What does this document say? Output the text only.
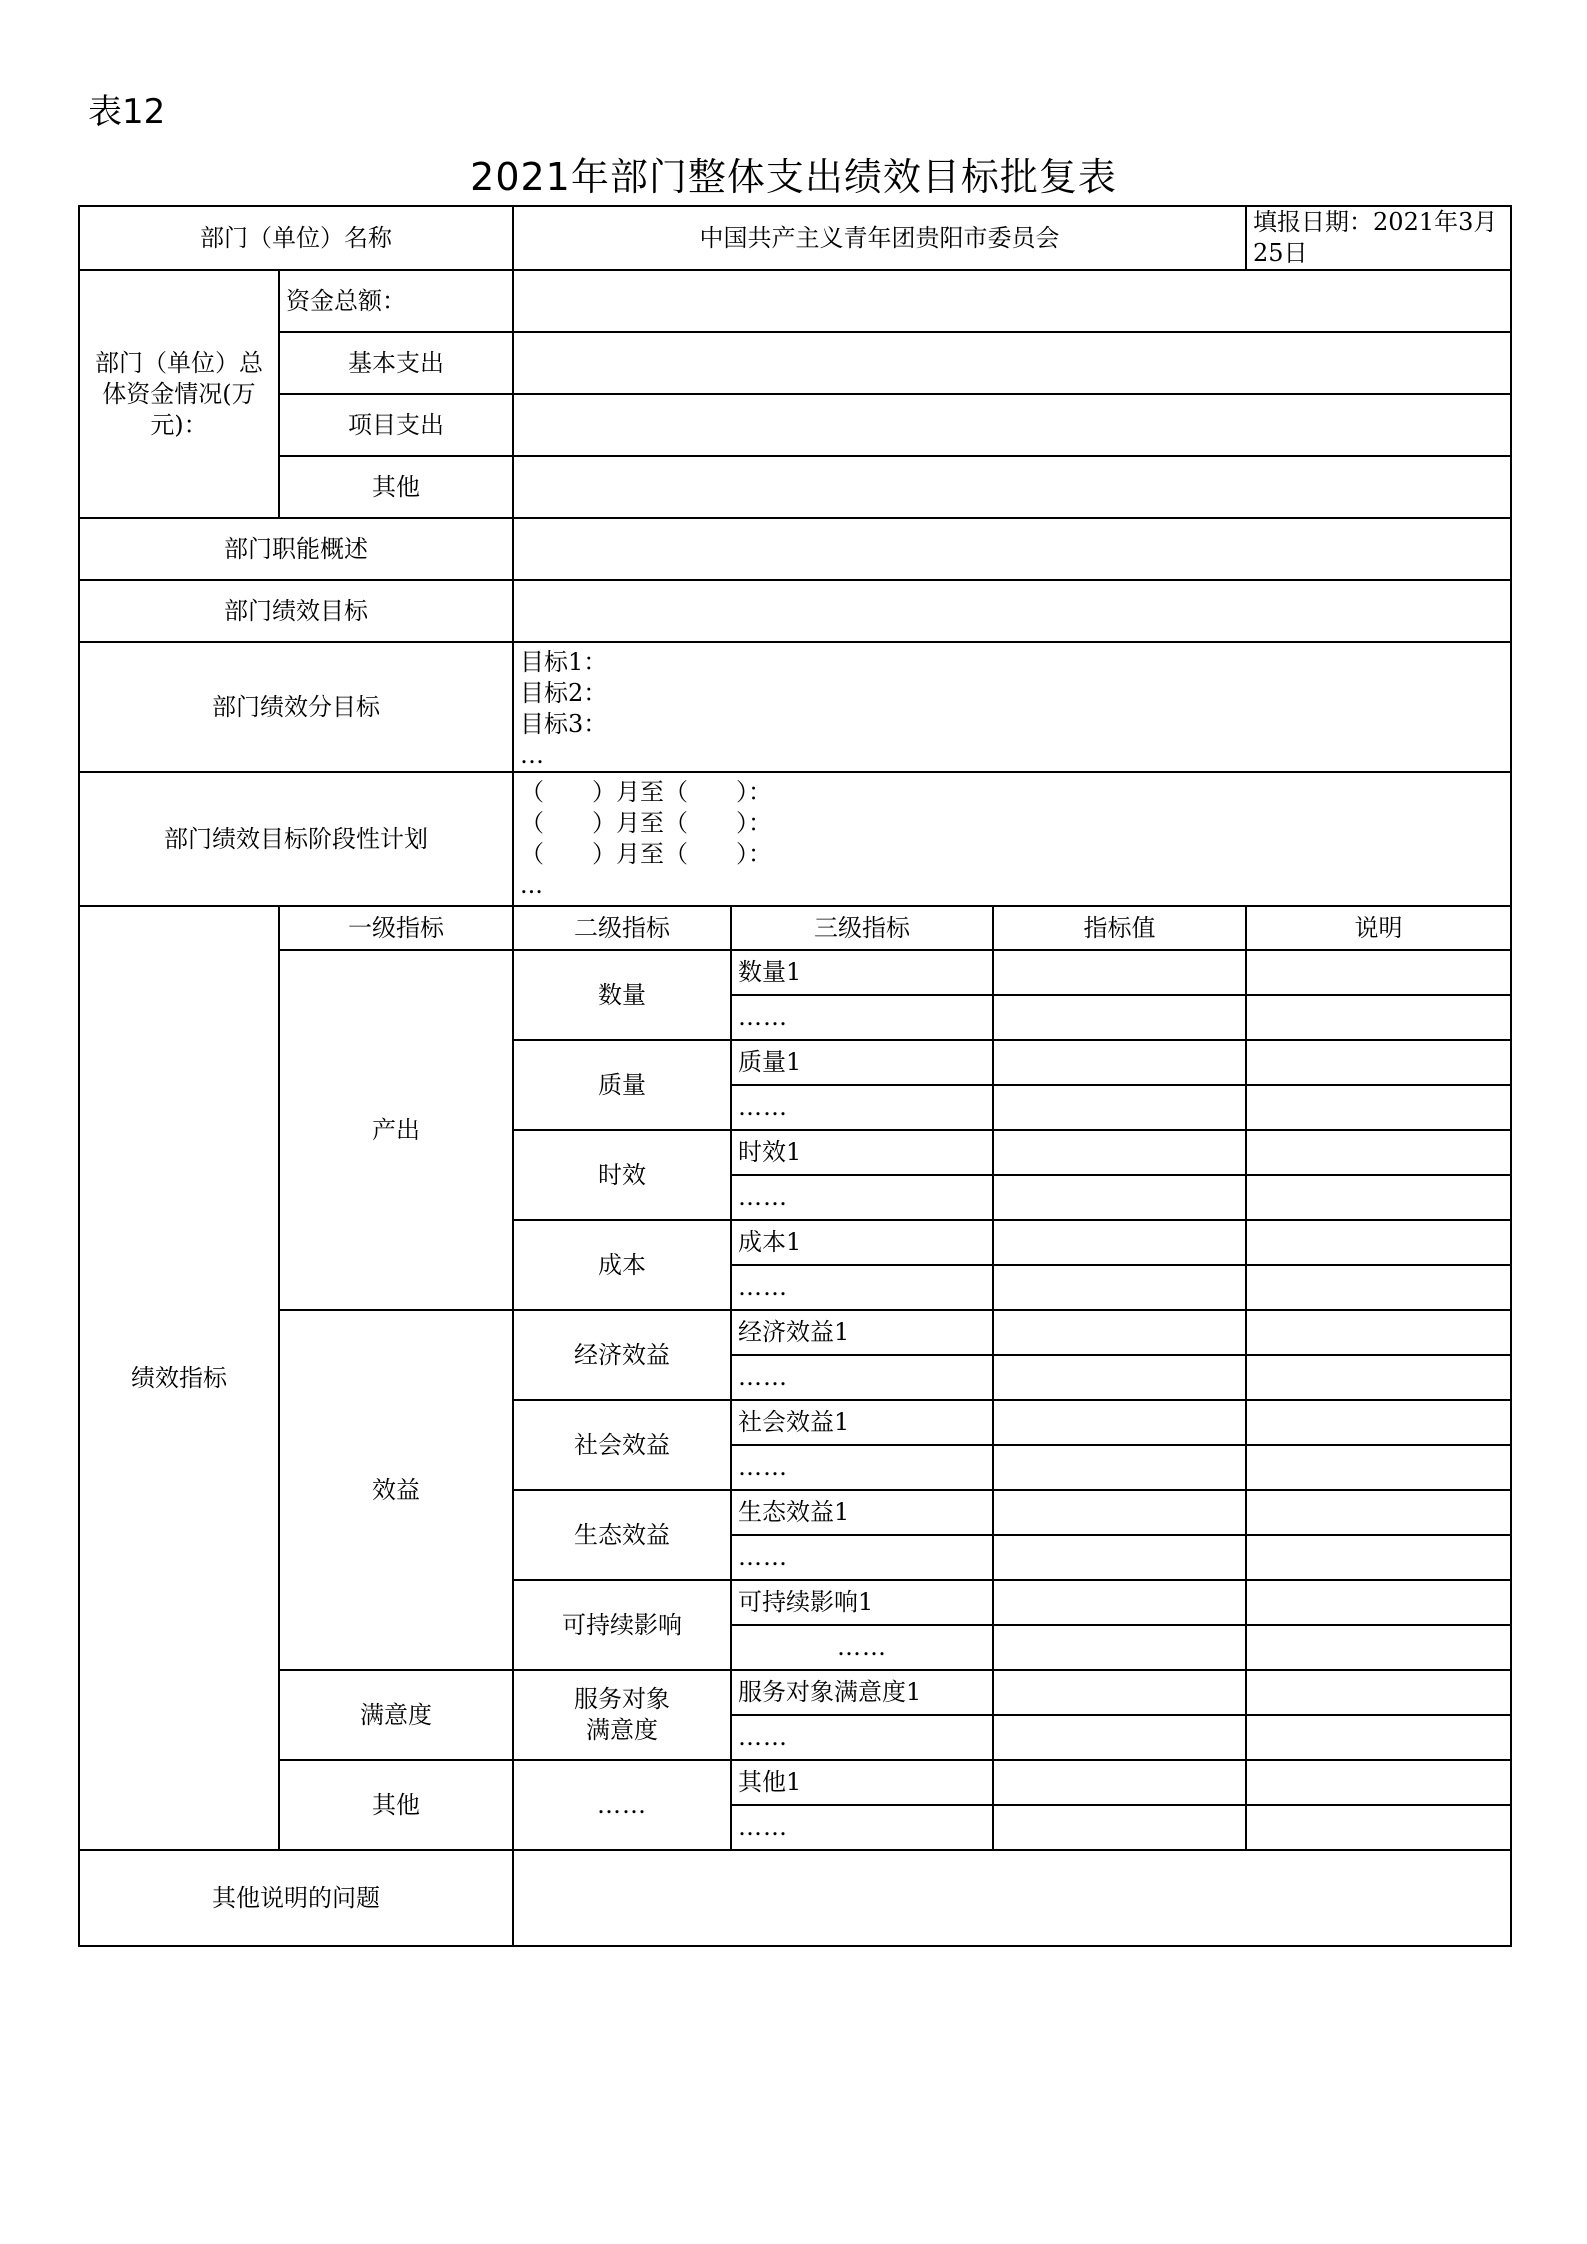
表12
2021年部门整体支出绩效目标批复表
部门（单位）名称		中国共产主义青年团贵阳市委员会			填报日期：2021年3月25日
部门（单位）总体资金情况(万元)：	资金总额：				
	基本支出				
	项目支出				
	其他				
部门职能概述					
部门绩效目标					
部门绩效分目标		目标1：
目标2：
目标3：
…			

部门绩效目标阶段性计划		（　　）月至（　　）：
（　　）月至（　　）：
（　　）月至（　　）：
...			

绩效指标	一级指标	二级指标	三级指标	指标值	说明
	产出	数量	数量1		
			……		
		质量	质量1		
			……		
		时效	时效1		
			……		
		成本	成本1		
			……		
	效益	经济效益	经济效益1		
			……		
		社会效益	社会效益1		
			……		
		生态效益	生态效益1		
			……		
		可持续影响	可持续影响1		
			……		
	满意度	服务对象满意度	服务对象满意度1		
			……		
	其他	……	其他1		
			……		
其他说明的问题					
